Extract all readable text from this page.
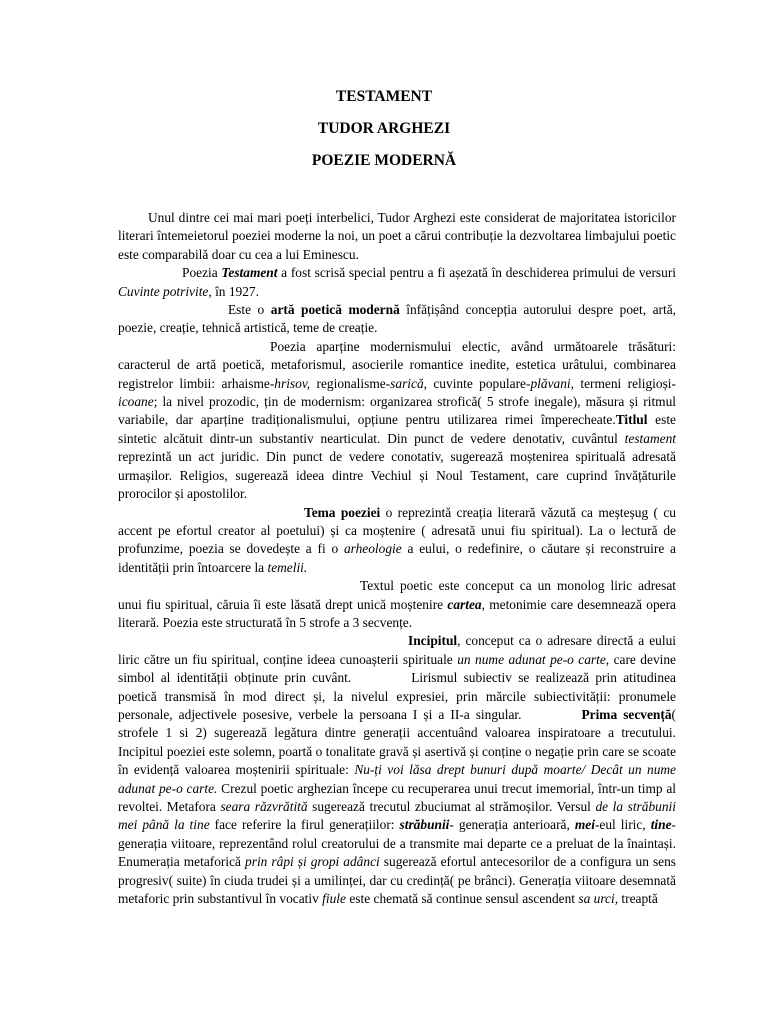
TESTAMENT
TUDOR ARGHEZI
POEZIE MODERNĂ

Unul dintre cei mai mari poeți interbelici, Tudor Arghezi este considerat de majoritatea istoricilor literari întemeietorul poeziei moderne la noi, un poet a cărui contribuție la dezvoltarea limbajului poetic este comparabilă doar cu cea a lui Eminescu.

Poezia Testament a fost scrisă special pentru a fi așezată în deschiderea primului de versuri Cuvinte potrivite, în 1927.

Este o artă poetică modernă înfățișând concepția autorului despre poet, artă, poezie, creație, tehnică artistică, teme de creație.

Poezia aparține modernismului electic, având următoarele trăsături: caracterul de artă poetică, metaforismul, asocierile romantice inedite, estetica urâtului, combinarea registrelor limbii: arhaisme-hrisov, regionalisme-sarică, cuvinte populare-plăvani, termeni religioși-icoane; la nivel prozodic, țin de modernism: organizarea strofică( 5 strofe inegale), măsura și ritmul variabile, dar aparține tradiționalismului, opțiune pentru utilizarea rimei împerecheate.Titlul este sintetic alcătuit dintr-un substantiv nearticulat. Din punct de vedere denotativ, cuvântul testament reprezintă un act juridic. Din punct de vedere conotativ, sugerează moștenirea spirituală adresată urmașilor. Religios, sugerează ideea dintre Vechiul și Noul Testament, care cuprind învățăturile prorocilor și apostolilor.

Tema poeziei o reprezintă creația literară văzută ca meșteșug ( cu accent pe efortul creator al poetului) și ca moștenire ( adresată unui fiu spiritual). La o lectură de profunzime, poezia se dovedește a fi o arheologie a eului, o redefinire, o căutare și reconstruire a identității prin întoarcere la temelii.

Textul poetic este conceput ca un monolog liric adresat unui fiu spiritual, căruia îi este lăsată drept unică moștenire cartea, metonimie care desemnează opera literară. Poezia este structurată în 5 strofe a 3 secvențe.

Incipitul, conceput ca o adresare directă a eului liric către un fiu spiritual, conține ideea cunoașterii spirituale un nume adunat pe-o carte, care devine simbol al identității obținute prin cuvânt.	Lirismul subiectiv se realizează prin atitudinea poetică transmisă în mod direct și, la nivelul expresiei, prin mărcile subiectivității: pronumele personale, adjectivele posesive, verbele la persoana I și a II-a singular.	Prima secvență( strofele 1 si 2) sugerează legătura dintre generații accentuând valoarea inspiratoare a trecutului. Incipitul poeziei este solemn, poartă o tonalitate gravă și asertivă și conține o negație prin care se scoate în evidență valoarea moștenirii spirituale: Nu-ți voi lăsa drept bunuri după moarte/ Decât un nume adunat pe-o carte. Crezul poetic arghezian începe cu recuperarea unui trecut imemorial, într-un timp al revoltei. Metafora seara răzvrătită sugerează trecutul zbuciumat al strămoșilor. Versul de la străbunii mei până la tine face referire la firul generațiilor: străbunii- generația anterioară, mei-eul liric, tine- generația viitoare, reprezentând rolul creatorului de a transmite mai departe ce a preluat de la înaintași. Enumerația metaforică prin râpi și gropi adânci sugerează efortul antecesorilor de a configura un sens progresiv( suite) în ciuda trudei și a umilinței, dar cu credință( pe brânci). Generația viitoare desemnată metaforic prin substantivul în vocativ fiule este chemată să continue sensul ascendent sa urci, treaptă
